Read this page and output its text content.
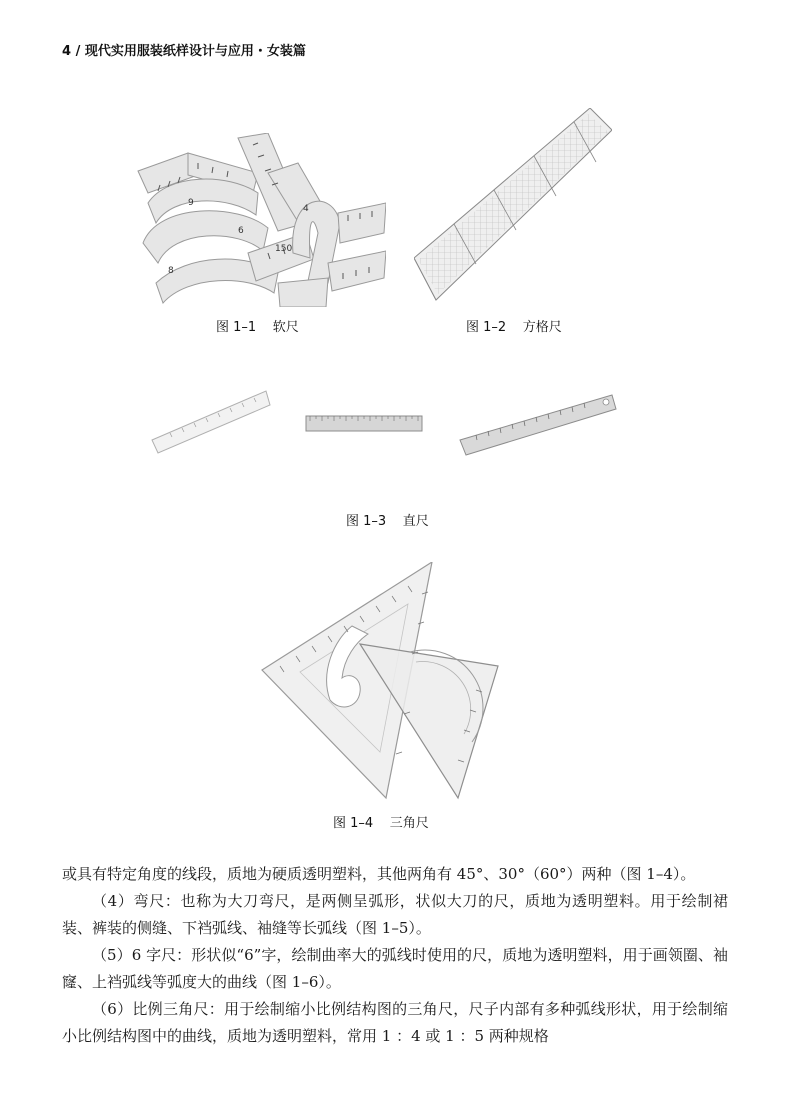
4 / 现代实用服装纸样设计与应用・女装篇
9
6
150
4
8
图 1–1    软尺	图 1–2    方格尺
图 1–3    直尺
图 1–4    三角尺

或具有特定角度的线段，质地为硬质透明塑料，其他两角有 45°、30°（60°）两种（图 1–4）。

（4）弯尺：也称为大刀弯尺，是两侧呈弧形，状似大刀的尺，质地为透明塑料。用于绘制裙装、裤装的侧缝、下裆弧线、袖缝等长弧线（图 1–5）。

（5）6 字尺：形状似“6”字，绘制曲率大的弧线时使用的尺，质地为透明塑料，用于画领圈、袖窿、上裆弧线等弧度大的曲线（图 1–6）。

（6）比例三角尺：用于绘制缩小比例结构图的三角尺，尺子内部有多种弧线形状，用于绘制缩小比例结构图中的曲线，质地为透明塑料，常用 1 ：4 或 1 ：5 两种规格
